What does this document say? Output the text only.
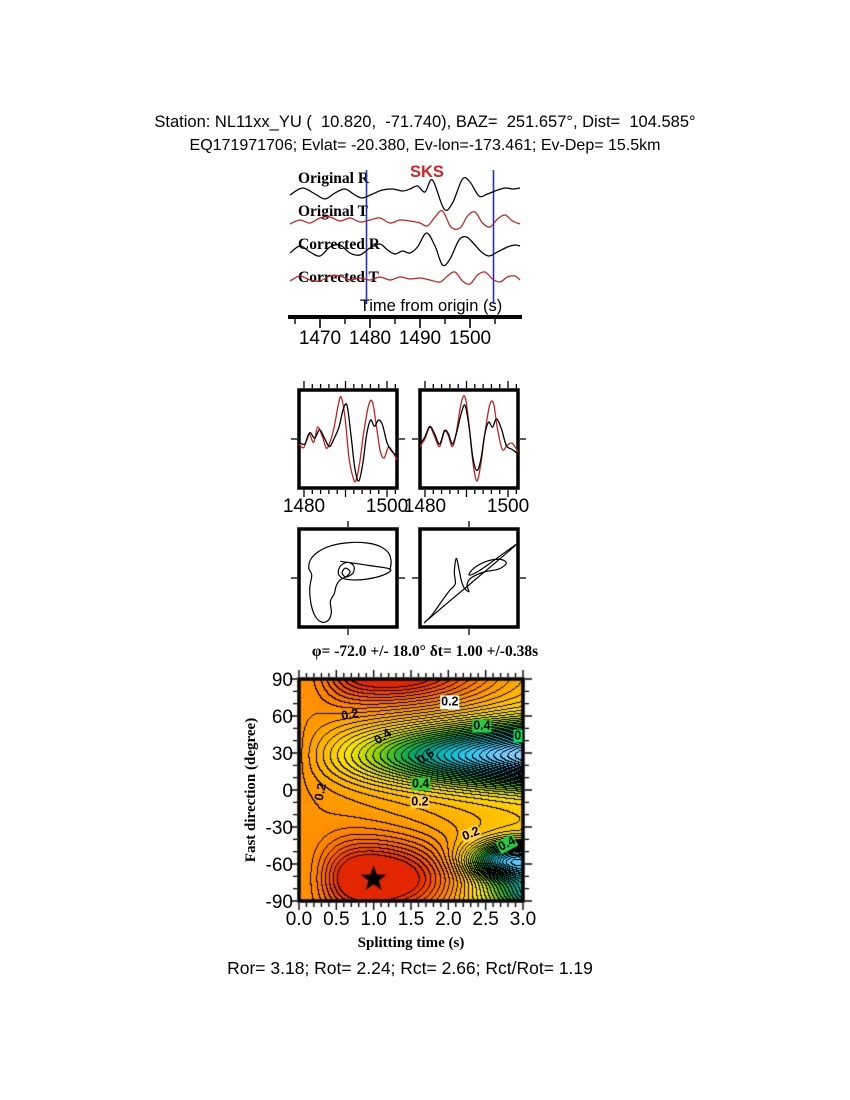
Station: NL11xx_YU (  10.820,  -71.740), BAZ=  251.657°, Dist=  104.585°
EQ171971706; Evlat= -20.380, Ev-lon=-173.461; Ev-Dep= 15.5km
Original R
Original T
Corrected R
Corrected T
SKS
Time from origin (s)
φ= -72.0 +/- 18.0° δt= 1.00 +/-0.38s
Fast direction (degree)
0.2
0.2
0.4
0
0.4
0.6
0.4
0.2
0.2
0.2 0.4
Splitting time (s)
Ror= 3.18; Rot= 2.24; Rct= 2.66; Rct/Rot= 1.19
1470 1480 1490 1500
1480	1500
1480	1500
0.0 0.5 1.0 1.5 2.0 2.5 3.0
90
60
30
0
-30
-60
-90
